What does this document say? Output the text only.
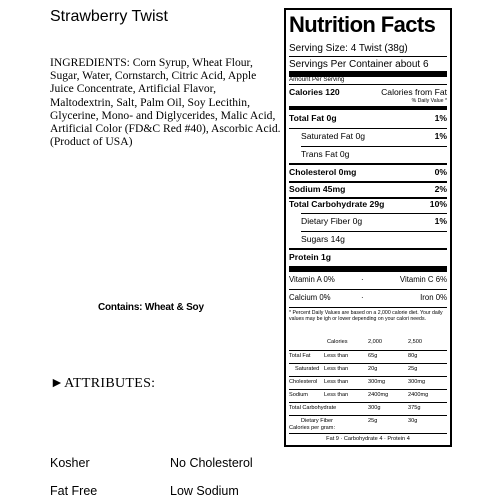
Strawberry Twist
INGREDIENTS: Corn Syrup, Wheat Flour, Sugar, Water, Cornstarch, Citric Acid, Apple Juice Concentrate, Artificial Flavor, Maltodextrin, Salt, Palm Oil, Soy Lecithin, Glycerine, Mono- and Diglycerides, Malic Acid, Artificial Color (FD&C Red #40), Ascorbic Acid. (Product of USA)
Contains: Wheat & Soy
►ATTRIBUTES:
Kosher	No Cholesterol
Fat Free	Low Sodium
Nutrition Facts
Serving Size: 4 Twist (38g)
Servings Per Container about 6
Amount Per Serving
Calories 120	Calories from Fat
% Daily Value *
Total Fat 0g	1%
Saturated Fat 0g	1%
Trans Fat 0g
Cholesterol 0mg	0%
Sodium 45mg	2%
Total Carbohydrate 29g	10%
Dietary Fiber 0g	1%
Sugars 14g
Protein 1g
Vitamin A 0%	·	Vitamin C 6%
Calcium 0%	·	Iron 0%
* Percent Daily Values are based on a 2,000 calorie diet. Your daily values may be igh or lower depending on your calori needs.
Calories	2,000	2,500
Total Fat Less than	65g	80g
Saturated Less than	20g	25g
Cholesterol Less than	300mg	300mg
Sodium	Less than	2400mg	2400mg
Total Carbohydrate	300g	375g
Dietary Fiber	25g	30g
Calories per gram:
Fat 9 · Carbohydrate 4 · Protein 4
